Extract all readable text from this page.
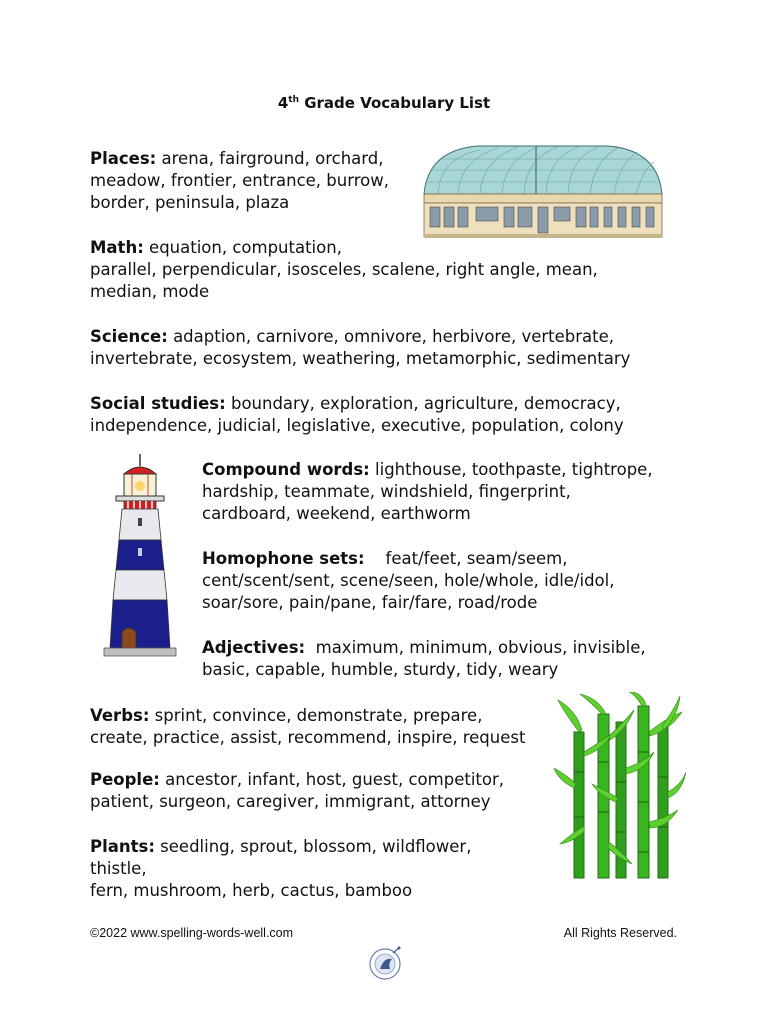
4th Grade Vocabulary List
Places: arena, fairground, orchard,
meadow, frontier, entrance, burrow,
border, peninsula, plaza
Math: equation, computation,
parallel, perpendicular, isosceles, scalene, right angle, mean,
median, mode
Science: adaption, carnivore, omnivore, herbivore, vertebrate,
invertebrate, ecosystem, weathering, metamorphic, sedimentary
Social studies: boundary, exploration, agriculture, democracy,
independence, judicial, legislative, executive, population, colony
Compound words: lighthouse, toothpaste, tightrope,
hardship, teammate, windshield, fingerprint,
cardboard, weekend, earthworm
Homophone sets:    feat/feet, seam/seem,
cent/scent/sent, scene/seen, hole/whole, idle/idol,
soar/sore, pain/pane, fair/fare, road/rode
Adjectives:  maximum, minimum, obvious, invisible,
basic, capable, humble, sturdy, tidy, weary
Verbs: sprint, convince, demonstrate, prepare,
create, practice, assist, recommend, inspire, request
People: ancestor, infant, host, guest, competitor,
patient, surgeon, caregiver, immigrant, attorney
Plants: seedling, sprout, blossom, wildflower, thistle,
fern, mushroom, herb, cactus, bamboo
©2022 www.spelling-words-well.com	All Rights Reserved.
